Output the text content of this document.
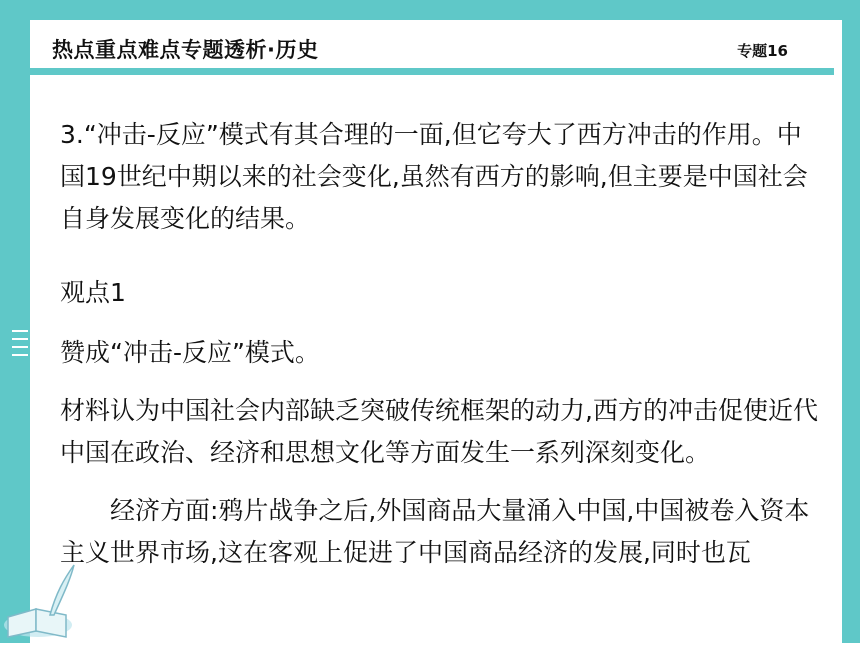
热点重点难点专题透析·历史	专题16
3.“冲击-反应”模式有其合理的一面,但它夸大了西方冲击的作用。中国19世纪中期以来的社会变化,虽然有西方的影响,但主要是中国社会自身发展变化的结果。
观点1
赞成“冲击-反应”模式。
材料认为中国社会内部缺乏突破传统框架的动力,西方的冲击促使近代中国在政治、经济和思想文化等方面发生一系列深刻变化。
　　经济方面:鸦片战争之后,外国商品大量涌入中国,中国被卷入资本主义世界市场,这在客观上促进了中国商品经济的发展,同时也瓦
